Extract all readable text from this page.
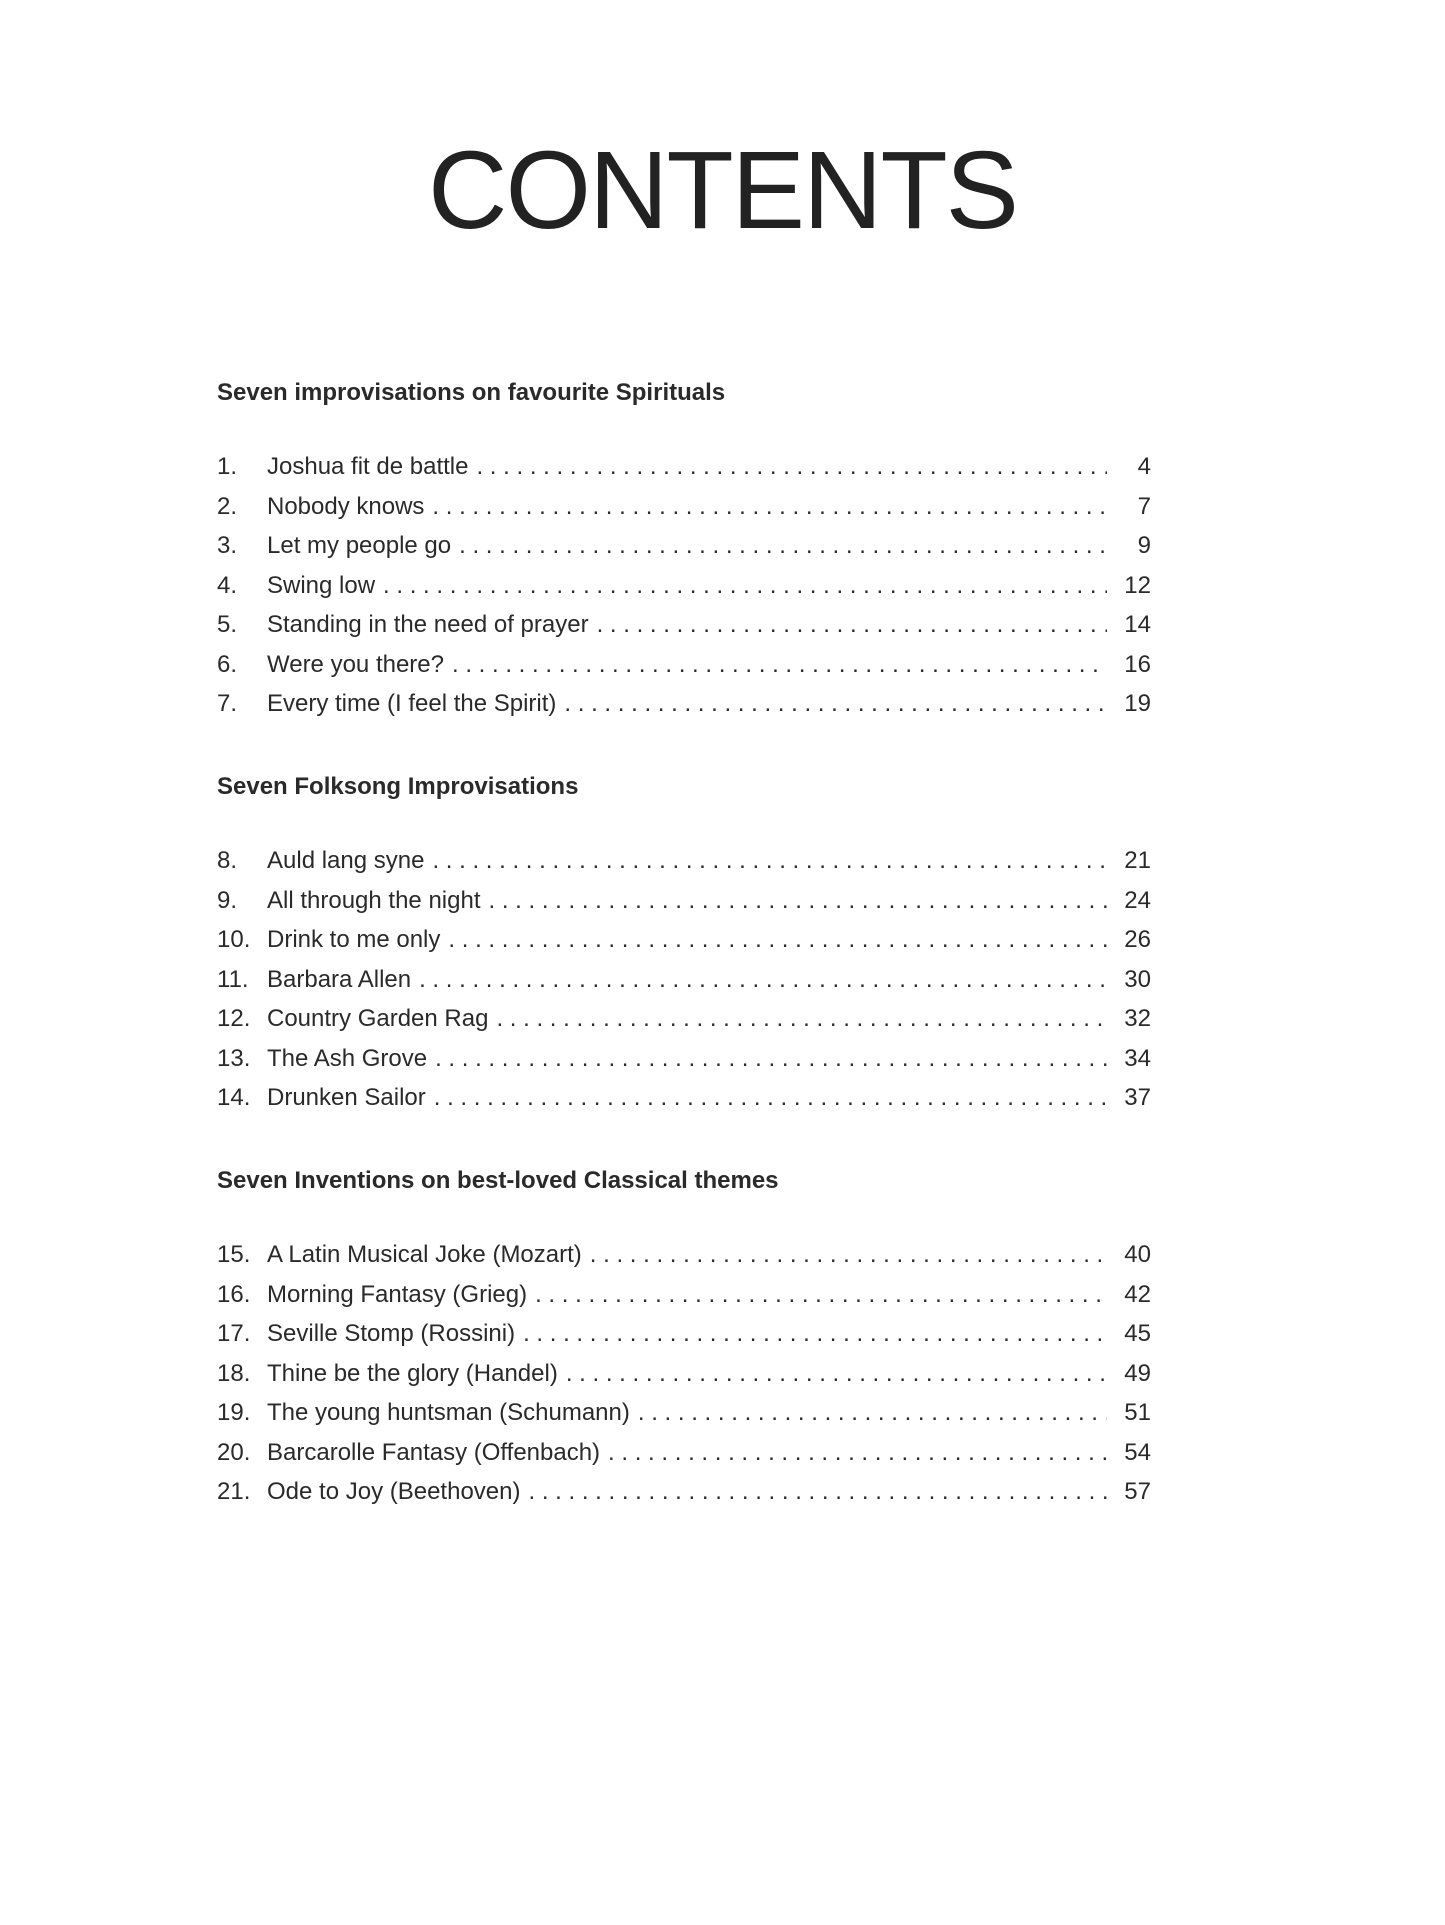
CONTENTS
Seven improvisations on favourite Spirituals
1.	Joshua fit de battle . . .	4
2.	Nobody knows . . .	7
3.	Let my people go . . .	9
4.	Swing low . . .	12
5.	Standing in the need of prayer . . .	14
6.	Were you there? . . .	16
7.	Every time (I feel the Spirit) . . .	19
Seven Folksong Improvisations
8.	Auld lang syne . . .	21
9.	All through the night . . .	24
10. Drink to me only . . .	26
11. Barbara Allen . . .	30
12. Country Garden Rag . . .	32
13. The Ash Grove . . .	34
14. Drunken Sailor . . .	37
Seven Inventions on best-loved Classical themes
15. A Latin Musical Joke (Mozart) . . .	40
16. Morning Fantasy (Grieg) . . .	42
17. Seville Stomp (Rossini) . . .	45
18. Thine be the glory (Handel) . . .	49
19. The young huntsman (Schumann) . . .	51
20. Barcarolle Fantasy (Offenbach) . . .	54
21. Ode to Joy (Beethoven) . . .	57
